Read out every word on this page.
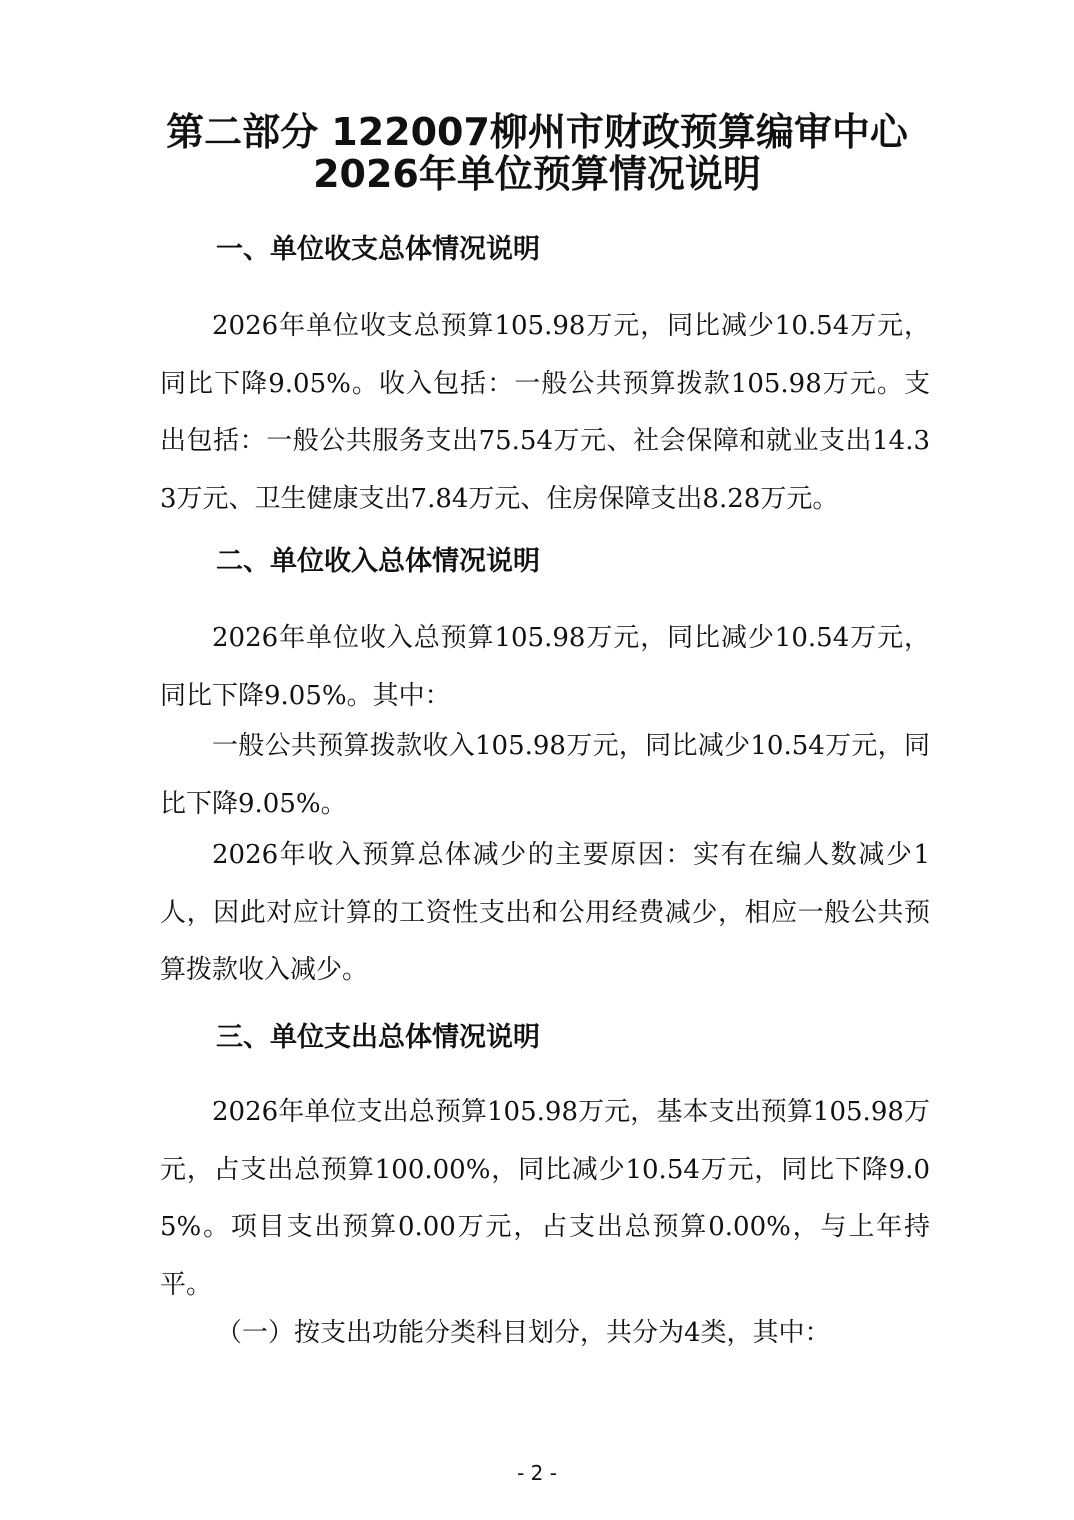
第二部分 122007柳州市财政预算编审中心
2026年单位预算情况说明
一、单位收支总体情况说明

2026年单位收支总预算105.98万元，同比减少10.54万元，同比下降9.05%。收入包括：一般公共预算拨款105.98万元。支出包括：一般公共服务支出75.54万元、社会保障和就业支出14.33万元、卫生健康支出7.84万元、住房保障支出8.28万元。

二、单位收入总体情况说明

2026年单位收入总预算105.98万元，同比减少10.54万元，同比下降9.05%。其中：

一般公共预算拨款收入105.98万元，同比减少10.54万元，同比下降9.05%。

2026年收入预算总体减少的主要原因：实有在编人数减少1人，因此对应计算的工资性支出和公用经费减少，相应一般公共预算拨款收入减少。

三、单位支出总体情况说明

2026年单位支出总预算105.98万元，基本支出预算105.98万元，占支出总预算100.00%，同比减少10.54万元，同比下降9.05%。项目支出预算0.00万元，占支出总预算0.00%，与上年持平。

（一）按支出功能分类科目划分，共分为4类，其中：
- 2 -
